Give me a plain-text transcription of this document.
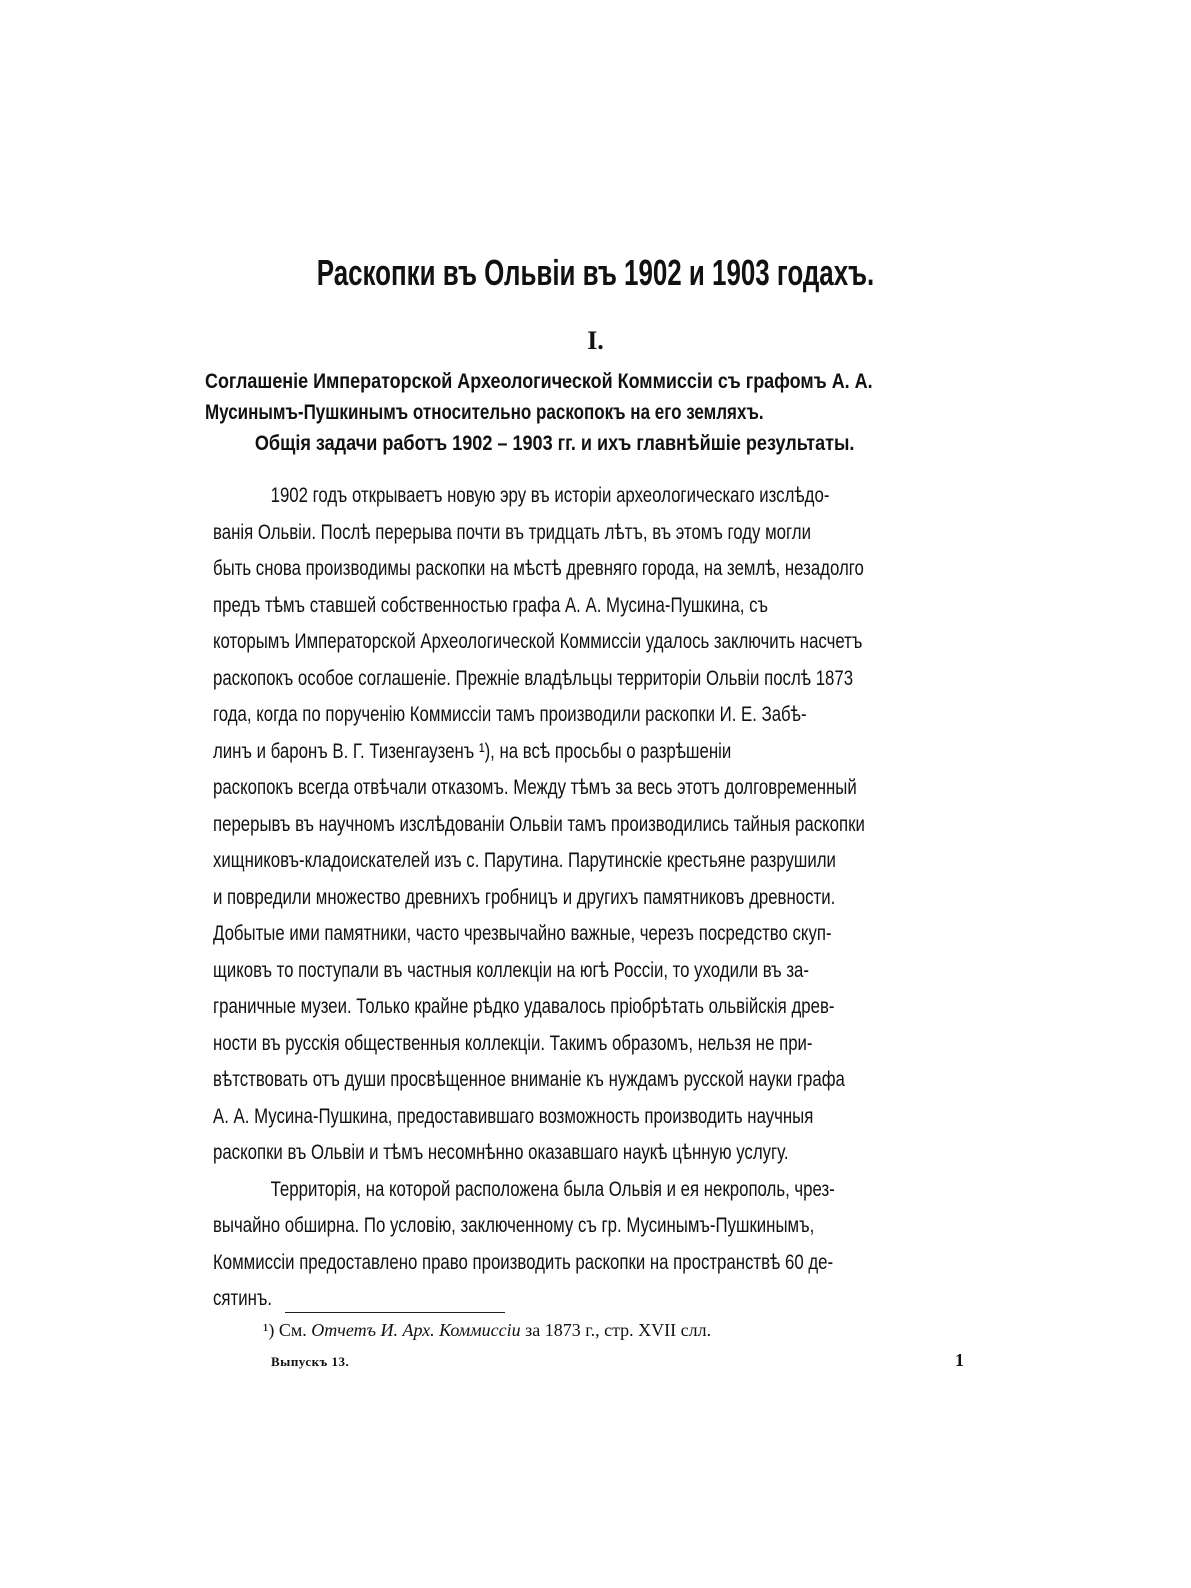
Раскопки въ Ольвіи въ 1902 и 1903 годахъ.
I.
Соглашеніе Императорской Археологической Коммиссіи съ графомъ А. А.
Мусинымъ-Пушкинымъ относительно раскопокъ на его земляхъ.
Общія задачи работъ 1902 – 1903 гг. и ихъ главнѣйшіе результаты.
1902 годъ открываетъ новую эру въ исторіи археологическаго изслѣдо-
ванія Ольвіи. Послѣ перерыва почти въ тридцать лѣтъ, въ этомъ году могли
быть снова производимы раскопки на мѣстѣ древняго города, на землѣ, незадолго
предъ тѣмъ ставшей собственностью графа А. А. Мусина-Пушкина, съ
которымъ Императорской Археологической Коммиссіи удалось заключить насчетъ
раскопокъ особое соглашеніе. Прежніе владѣльцы территоріи Ольвіи послѣ 1873
года, когда по порученію Коммиссіи тамъ производили раскопки И. Е. Забѣ-
линъ и баронъ В. Г. Тизенгаузенъ ¹), на всѣ просьбы о разрѣшеніи
раскопокъ всегда отвѣчали отказомъ. Между тѣмъ за весь этотъ долговременный
перерывъ въ научномъ изслѣдованіи Ольвіи тамъ производились тайныя раскопки
хищниковъ-кладоискателей изъ с. Парутина. Парутинскіе крестьяне разрушили
и повредили множество древнихъ гробницъ и другихъ памятниковъ древности.
Добытые ими памятники, часто чрезвычайно важные, черезъ посредство скуп-
щиковъ то поступали въ частныя коллекціи на югѣ Россіи, то уходили въ за-
граничные музеи. Только крайне рѣдко удавалось пріобрѣтать ольвійскія древ-
ности въ русскія общественныя коллекціи. Такимъ образомъ, нельзя не при-
вѣтствовать отъ души просвѣщенное вниманіе къ нуждамъ русской науки графа
А. А. Мусина-Пушкина, предоставившаго возможность производить научныя
раскопки въ Ольвіи и тѣмъ несомнѣнно оказавшаго наукѣ цѣнную услугу.
Территорія, на которой расположена была Ольвія и ея некрополь, чрез-
вычайно обширна. По условію, заключенному съ гр. Мусинымъ-Пушкинымъ,
Коммиссіи предоставлено право производить раскопки на пространствѣ 60 де-
сятинъ.
¹) См. Отчетъ И. Арх. Коммиссіи за 1873 г., стр. XVII слл.
Выпускъ 13.	1
